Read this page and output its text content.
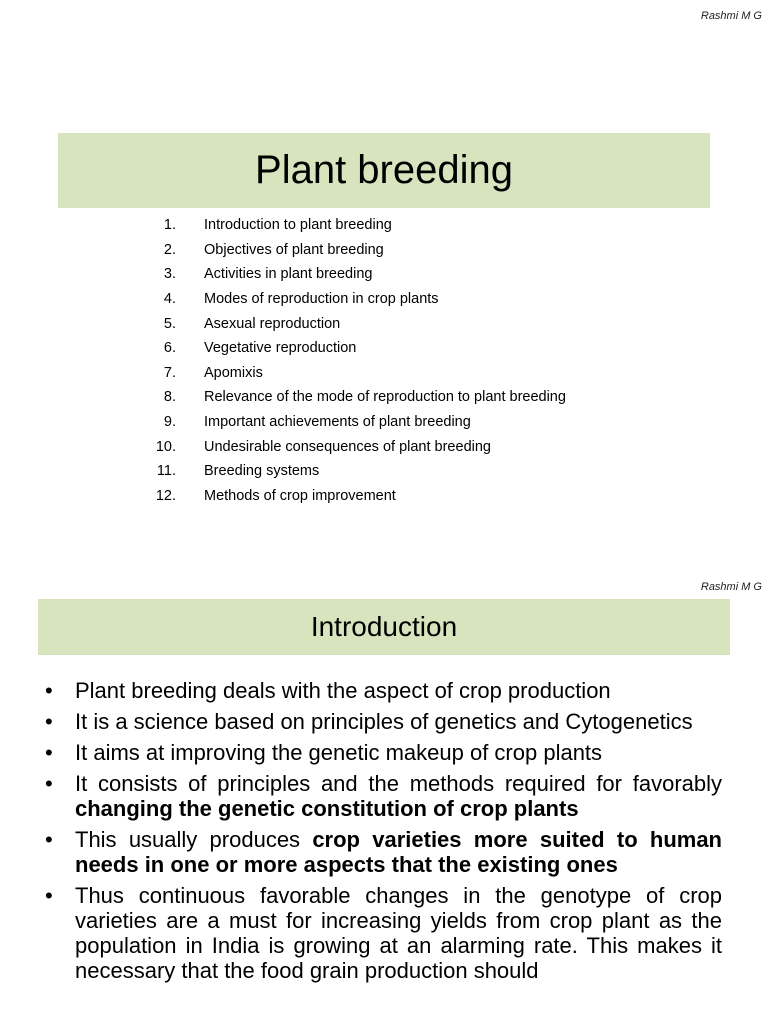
Rashmi M G
Plant breeding
1. Introduction to plant breeding
2. Objectives of plant breeding
3. Activities in plant breeding
4. Modes of reproduction in crop plants
5. Asexual reproduction
6. Vegetative reproduction
7. Apomixis
8. Relevance of the mode of reproduction to plant breeding
9. Important achievements of plant breeding
10. Undesirable consequences of plant breeding
11. Breeding systems
12. Methods of crop improvement
Rashmi M G
Introduction
• Plant breeding deals with the aspect of crop production
• It is a science based on principles of genetics and Cytogenetics
• It aims at improving the genetic makeup of crop plants
• It consists of principles and the methods required for favorably changing the genetic constitution of crop plants
• This usually produces crop varieties more suited to human needs in one or more aspects that the existing ones
• Thus continuous favorable changes in the genotype of crop varieties are a must for increasing yields from crop plant as the population in India is growing at an alarming rate. This makes it necessary that the food grain production should
